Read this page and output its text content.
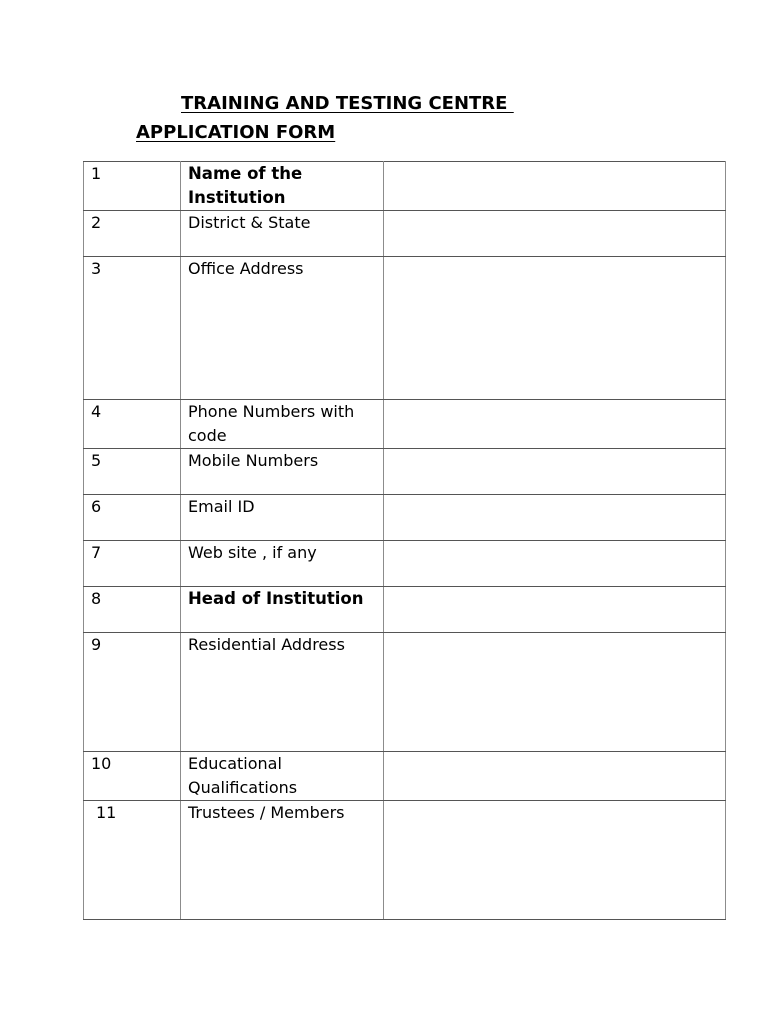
TRAINING AND TESTING CENTRE
APPLICATION FORM
1	Name of the Institution	
2	District & State	
3	Office Address	
4	Phone Numbers with code	
5	Mobile Numbers	
6	Email ID	
7	Web site , if any	
8	Head of Institution	
9	Residential Address	
10	Educational Qualifications	
11	Trustees / Members	
